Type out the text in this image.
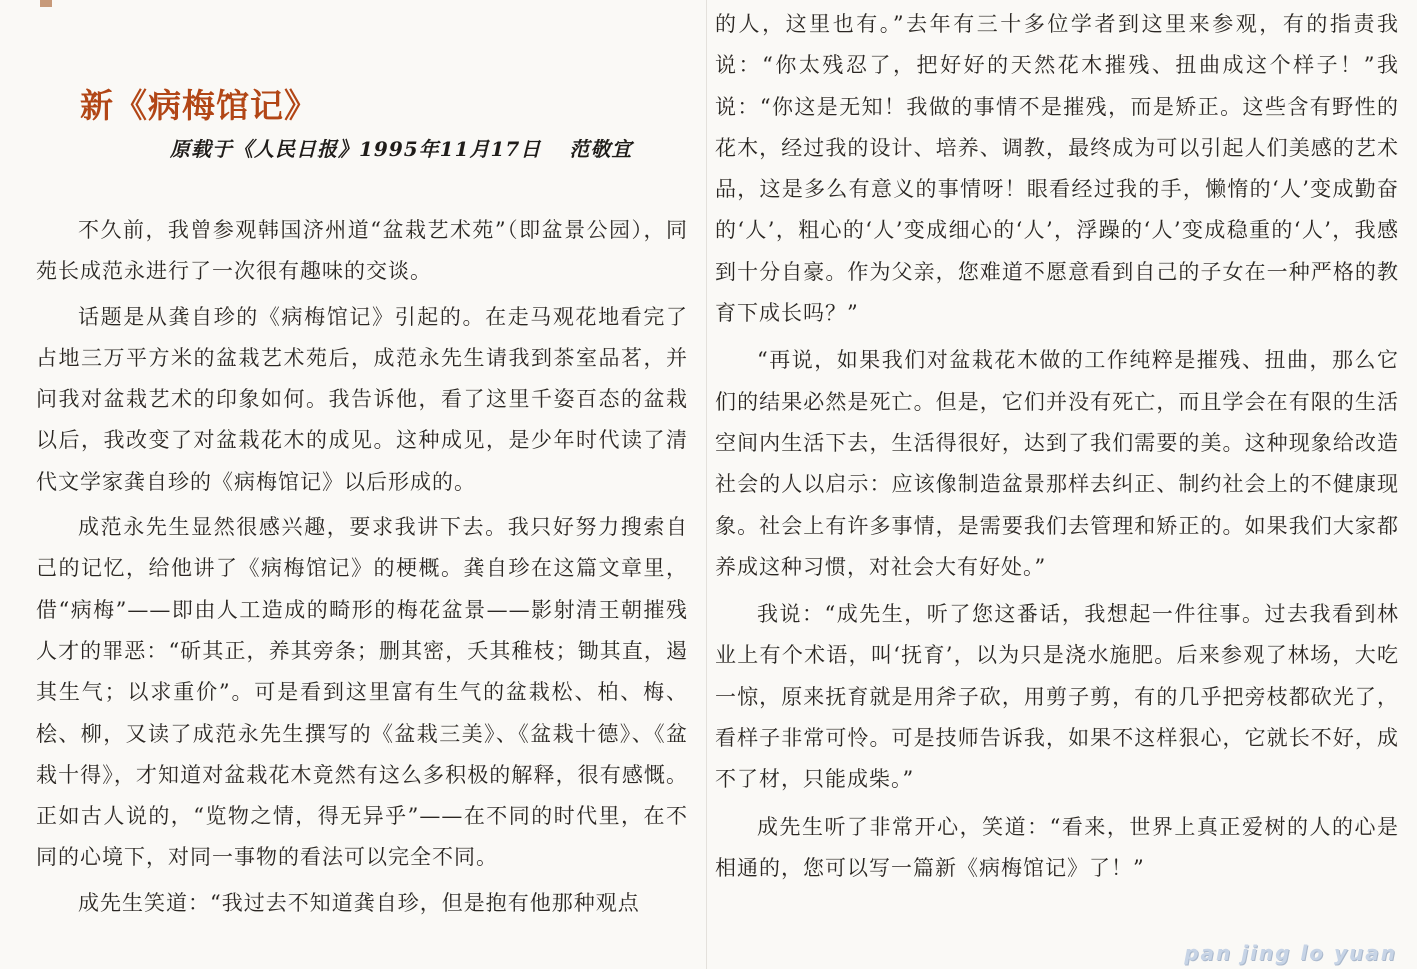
新《病梅馆记》
原载于《人民日报》1995年11月17日 范敬宜

不久前，我曾参观韩国济州道“盆栽艺术苑”（即盆景公园），同苑长成范永进行了一次很有趣味的交谈。

话题是从龚自珍的《病梅馆记》引起的。在走马观花地看完了占地三万平方米的盆栽艺术苑后，成范永先生请我到茶室品茗，并问我对盆栽艺术的印象如何。我告诉他，看了这里千姿百态的盆栽以后，我改变了对盆栽花木的成见。这种成见，是少年时代读了清代文学家龚自珍的《病梅馆记》以后形成的。

成范永先生显然很感兴趣，要求我讲下去。我只好努力搜索自己的记忆，给他讲了《病梅馆记》的梗概。龚自珍在这篇文章里，借“病梅”——即由人工造成的畸形的梅花盆景——影射清王朝摧残人才的罪恶：“斫其正，养其旁条；删其密，夭其稚枝；锄其直，遏其生气；以求重价”。可是看到这里富有生气的盆栽松、柏、梅、桧、柳，又读了成范永先生撰写的《盆栽三美》、《盆栽十德》、《盆栽十得》，才知道对盆栽花木竟然有这么多积极的解释，很有感慨。正如古人说的，“览物之情，得无异乎”——在不同的时代里，在不同的心境下，对同一事物的看法可以完全不同。

成先生笑道：“我过去不知道龚自珍，但是抱有他那种观点

的人，这里也有。”去年有三十多位学者到这里来参观，有的指责我说：“你太残忍了，把好好的天然花木摧残、扭曲成这个样子！”我说：“你这是无知！我做的事情不是摧残，而是矫正。这些含有野性的花木，经过我的设计、培养、调教，最终成为可以引起人们美感的艺术品，这是多么有意义的事情呀！眼看经过我的手，懒惰的‘人’变成勤奋的‘人’，粗心的‘人’变成细心的‘人’，浮躁的‘人’变成稳重的‘人’，我感到十分自豪。作为父亲，您难道不愿意看到自己的子女在一种严格的教育下成长吗？”

“再说，如果我们对盆栽花木做的工作纯粹是摧残、扭曲，那么它们的结果必然是死亡。但是，它们并没有死亡，而且学会在有限的生活空间内生活下去，生活得很好，达到了我们需要的美。这种现象给改造社会的人以启示：应该像制造盆景那样去纠正、制约社会上的不健康现象。社会上有许多事情，是需要我们去管理和矫正的。如果我们大家都养成这种习惯，对社会大有好处。”

我说：“成先生，听了您这番话，我想起一件往事。过去我看到林业上有个术语，叫‘抚育’，以为只是浇水施肥。后来参观了林场，大吃一惊，原来抚育就是用斧子砍，用剪子剪，有的几乎把旁枝都砍光了，看样子非常可怜。可是技师告诉我，如果不这样狠心，它就长不好，成不了材，只能成柴。”

成先生听了非常开心，笑道：“看来，世界上真正爱树的人的心是相通的，您可以写一篇新《病梅馆记》了！”

pan jing lo yuan
